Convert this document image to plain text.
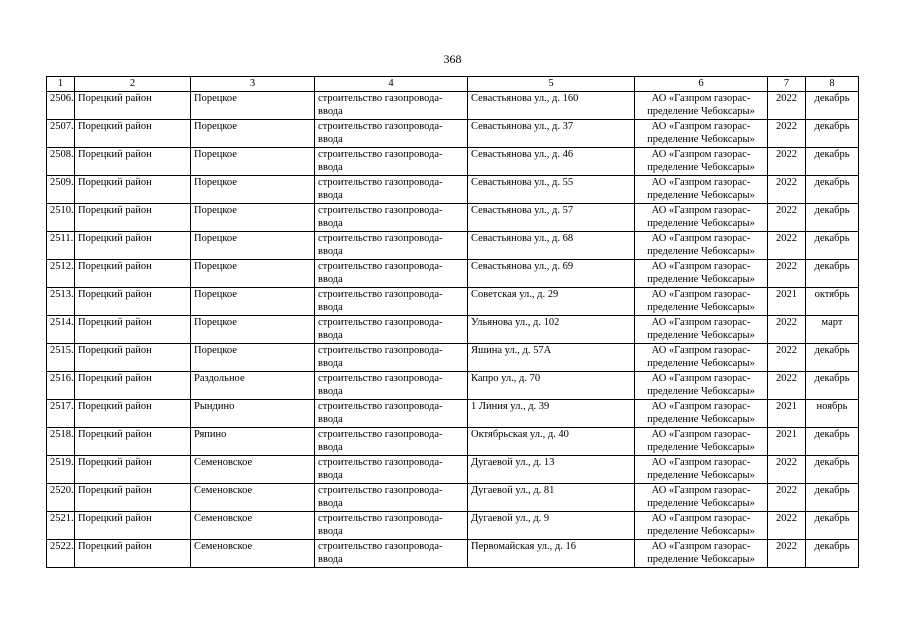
368
1	2	3	4	5	6	7	8
2506.	Порецкий район	Порецкое	строительство газопровода-ввода	Севастьянова ул., д. 160	АО «Газпром газорас-пределение Чебоксары»	2022	декабрь
2507.	Порецкий район	Порецкое	строительство газопровода-ввода	Севастьянова ул., д. 37	АО «Газпром газорас-пределение Чебоксары»	2022	декабрь
2508.	Порецкий район	Порецкое	строительство газопровода-ввода	Севастьянова ул., д. 46	АО «Газпром газорас-пределение Чебоксары»	2022	декабрь
2509.	Порецкий район	Порецкое	строительство газопровода-ввода	Севастьянова ул., д. 55	АО «Газпром газорас-пределение Чебоксары»	2022	декабрь
2510.	Порецкий район	Порецкое	строительство газопровода-ввода	Севастьянова ул., д. 57	АО «Газпром газорас-пределение Чебоксары»	2022	декабрь
2511.	Порецкий район	Порецкое	строительство газопровода-ввода	Севастьянова ул., д. 68	АО «Газпром газорас-пределение Чебоксары»	2022	декабрь
2512.	Порецкий район	Порецкое	строительство газопровода-ввода	Севастьянова ул., д. 69	АО «Газпром газорас-пределение Чебоксары»	2022	декабрь
2513.	Порецкий район	Порецкое	строительство газопровода-ввода	Советская ул., д. 29	АО «Газпром газорас-пределение Чебоксары»	2021	октябрь
2514.	Порецкий район	Порецкое	строительство газопровода-ввода	Ульянова ул., д. 102	АО «Газпром газорас-пределение Чебоксары»	2022	март
2515.	Порецкий район	Порецкое	строительство газопровода-ввода	Яшина ул., д. 57А	АО «Газпром газорас-пределение Чебоксары»	2022	декабрь
2516.	Порецкий район	Раздольное	строительство газопровода-ввода	Капро ул., д. 70	АО «Газпром газорас-пределение Чебоксары»	2022	декабрь
2517.	Порецкий район	Рындино	строительство газопровода-ввода	1 Линия ул., д. 39	АО «Газпром газорас-пределение Чебоксары»	2021	ноябрь
2518.	Порецкий район	Ряпино	строительство газопровода-ввода	Октябрьская ул., д. 40	АО «Газпром газорас-пределение Чебоксары»	2021	декабрь
2519.	Порецкий район	Семеновское	строительство газопровода-ввода	Дугаевой ул., д. 13	АО «Газпром газорас-пределение Чебоксары»	2022	декабрь
2520.	Порецкий район	Семеновское	строительство газопровода-ввода	Дугаевой ул., д. 81	АО «Газпром газорас-пределение Чебоксары»	2022	декабрь
2521.	Порецкий район	Семеновское	строительство газопровода-ввода	Дугаевой ул., д. 9	АО «Газпром газорас-пределение Чебоксары»	2022	декабрь
2522.	Порецкий район	Семеновское	строительство газопровода-ввода	Первомайская ул., д. 16	АО «Газпром газорас-пределение Чебоксары»	2022	декабрь
